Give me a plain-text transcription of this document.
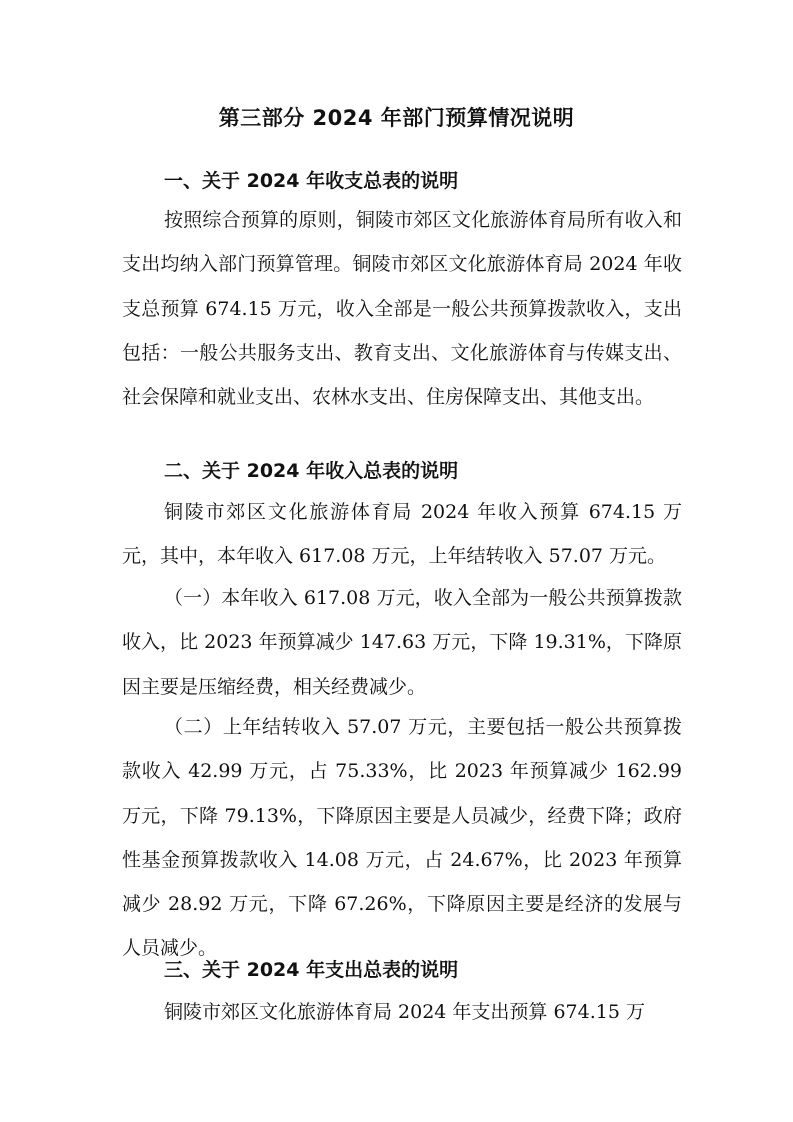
第三部分 2024 年部门预算情况说明
一、关于 2024 年收支总表的说明

按照综合预算的原则，铜陵市郊区文化旅游体育局所有收入和支出均纳入部门预算管理。铜陵市郊区文化旅游体育局 2024 年收支总预算 674.15 万元，收入全部是一般公共预算拨款收入，支出包括：一般公共服务支出、教育支出、文化旅游体育与传媒支出、社会保障和就业支出、农林水支出、住房保障支出、其他支出。

二、关于 2024 年收入总表的说明

铜陵市郊区文化旅游体育局 2024 年收入预算 674.15 万元，其中，本年收入 617.08 万元，上年结转收入 57.07 万元。

（一）本年收入 617.08 万元，收入全部为一般公共预算拨款收入，比 2023 年预算减少 147.63 万元，下降 19.31%，下降原因主要是压缩经费，相关经费减少。

（二）上年结转收入 57.07 万元，主要包括一般公共预算拨款收入 42.99 万元，占 75.33%，比 2023 年预算减少 162.99 万元，下降 79.13%，下降原因主要是人员减少，经费下降；政府性基金预算拨款收入 14.08 万元，占 24.67%，比 2023 年预算减少 28.92 万元，下降 67.26%，下降原因主要是经济的发展与人员减少。

三、关于 2024 年支出总表的说明

铜陵市郊区文化旅游体育局 2024 年支出预算 674.15 万
